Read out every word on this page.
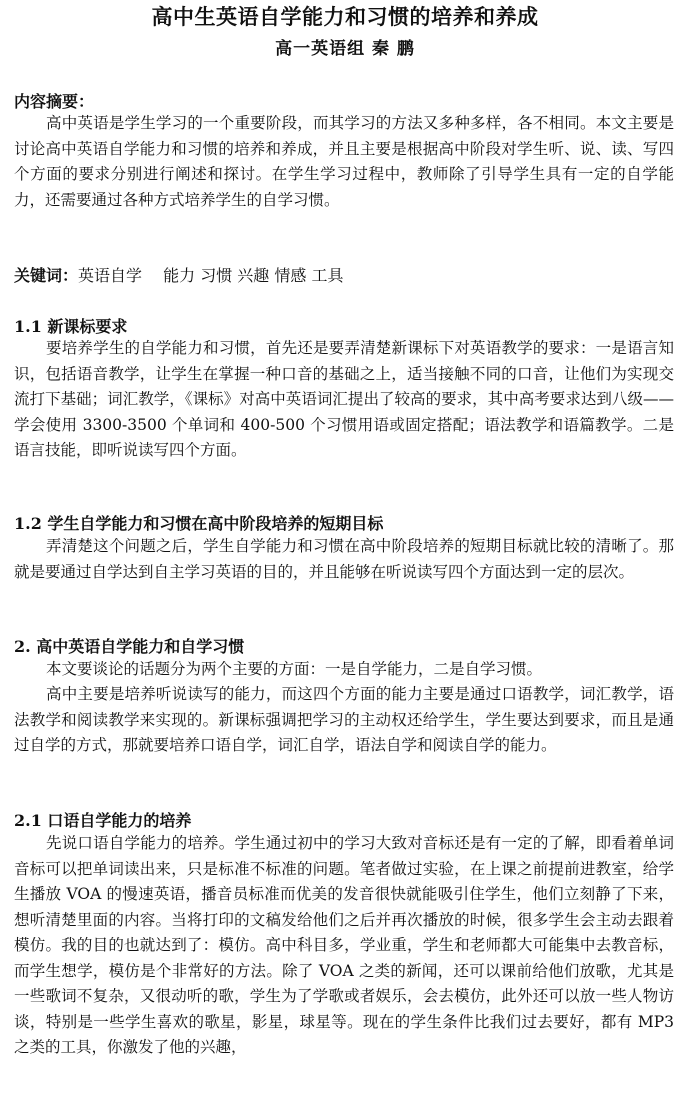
高中生英语自学能力和习惯的培养和养成
高一英语组 秦 鹏
内容摘要：

高中英语是学生学习的一个重要阶段，而其学习的方法又多种多样，各不相同。本文主要是讨论高中英语自学能力和习惯的培养和养成，并且主要是根据高中阶段对学生听、说、读、写四个方面的要求分别进行阐述和探讨。在学生学习过程中，教师除了引导学生具有一定的自学能力，还需要通过各种方式培养学生的自学习惯。

关键词：英语自学 　能力 习惯 兴趣 情感 工具
1.1 新课标要求

要培养学生的自学能力和习惯，首先还是要弄清楚新课标下对英语教学的要求：一是语言知识，包括语音教学，让学生在掌握一种口音的基础之上，适当接触不同的口音，让他们为实现交流打下基础；词汇教学，《课标》对高中英语词汇提出了较高的要求，其中高考要求达到八级——学会使用 3300-3500 个单词和 400-500 个习惯用语或固定搭配；语法教学和语篇教学。二是语言技能，即听说读写四个方面。

1.2 学生自学能力和习惯在高中阶段培养的短期目标

弄清楚这个问题之后，学生自学能力和习惯在高中阶段培养的短期目标就比较的清晰了。那就是要通过自学达到自主学习英语的目的，并且能够在听说读写四个方面达到一定的层次。

2. 高中英语自学能力和自学习惯

本文要谈论的话题分为两个主要的方面：一是自学能力，二是自学习惯。

高中主要是培养听说读写的能力，而这四个方面的能力主要是通过口语教学，词汇教学，语法教学和阅读教学来实现的。新课标强调把学习的主动权还给学生，学生要达到要求，而且是通过自学的方式，那就要培养口语自学，词汇自学，语法自学和阅读自学的能力。

2.1 口语自学能力的培养

先说口语自学能力的培养。学生通过初中的学习大致对音标还是有一定的了解，即看着单词音标可以把单词读出来，只是标准不标准的问题。笔者做过实验，在上课之前提前进教室，给学生播放 VOA 的慢速英语，播音员标准而优美的发音很快就能吸引住学生，他们立刻静了下来，想听清楚里面的内容。当将打印的文稿发给他们之后并再次播放的时候，很多学生会主动去跟着模仿。我的目的也就达到了：模仿。高中科目多，学业重，学生和老师都大可能集中去教音标，而学生想学，模仿是个非常好的方法。除了 VOA 之类的新闻，还可以课前给他们放歌，尤其是一些歌词不复杂，又很动听的歌，学生为了学歌或者娱乐，会去模仿，此外还可以放一些人物访谈，特别是一些学生喜欢的歌星，影星，球星等。现在的学生条件比我们过去要好，都有 MP3 之类的工具，你激发了他的兴趣，
